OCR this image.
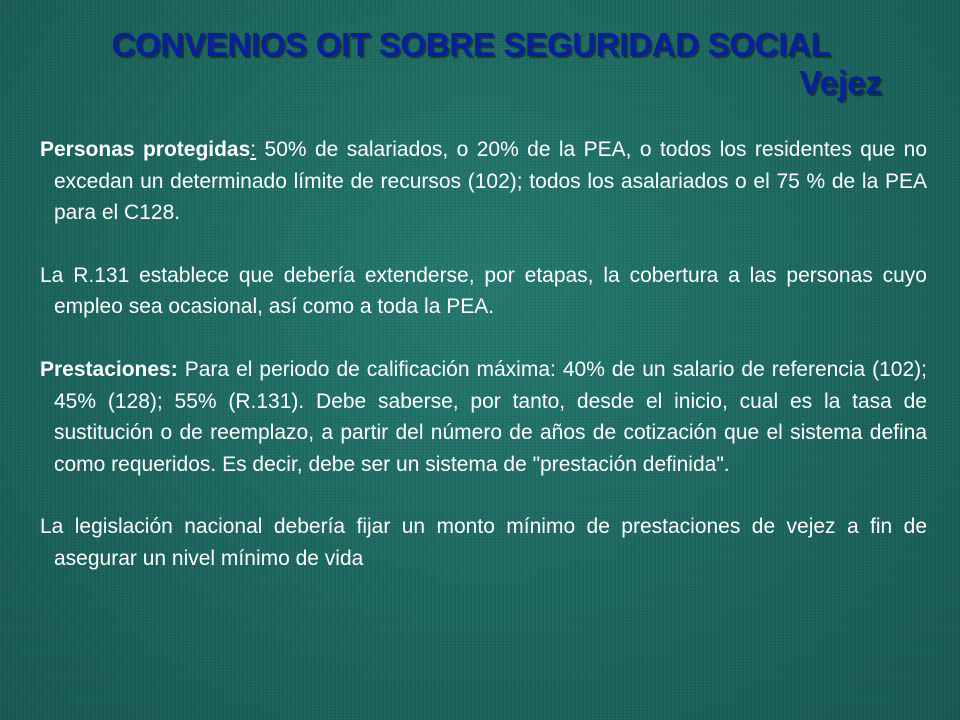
CONVENIOS OIT SOBRE SEGURIDAD SOCIAL
Vejez

Personas protegidas: 50% de salariados, o 20% de la PEA, o todos los residentes que no excedan un determinado límite de recursos (102); todos los asalariados o el 75 % de la PEA para el C128.

La R.131 establece que debería extenderse, por etapas, la cobertura a las personas cuyo empleo sea ocasional, así como a toda la PEA.

Prestaciones: Para el periodo de calificación máxima: 40% de un salario de referencia (102); 45% (128); 55% (R.131). Debe saberse, por tanto, desde el inicio, cual es la tasa de sustitución o de reemplazo, a partir del número de años de cotización que el sistema defina como requeridos. Es decir, debe ser un sistema de "prestación definida".

La legislación nacional debería fijar un monto mínimo de prestaciones de vejez a fin de asegurar un nivel mínimo de vida
